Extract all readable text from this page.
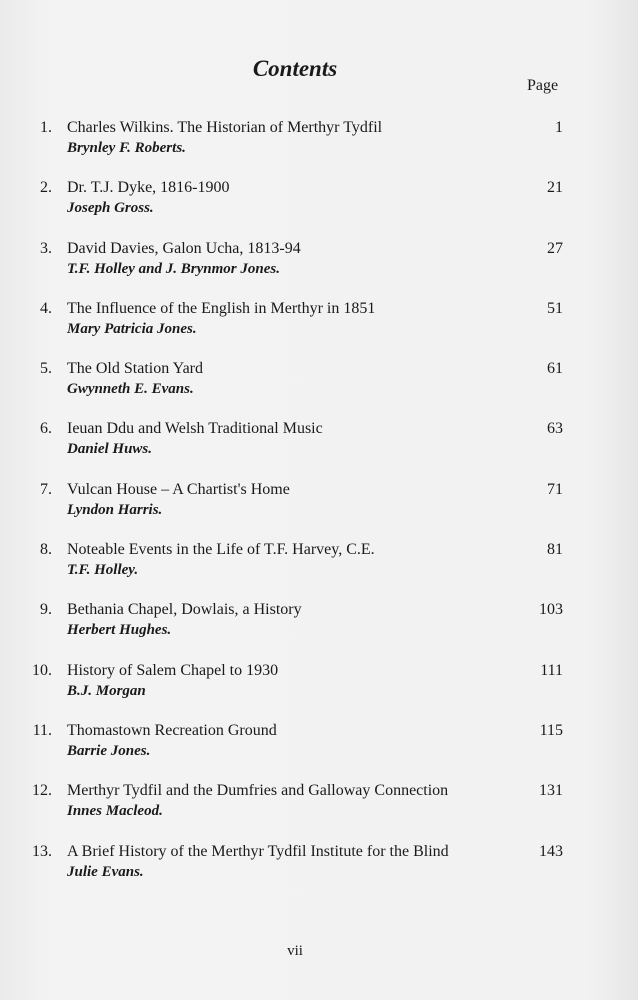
Contents
Page
1. Charles Wilkins. The Historian of Merthyr Tydfil
Brynley F. Roberts.
1
2. Dr. T.J. Dyke, 1816-1900
Joseph Gross.
21
3. David Davies, Galon Ucha, 1813-94
T.F. Holley and J. Brynmor Jones.
27
4. The Influence of the English in Merthyr in 1851
Mary Patricia Jones.
51
5. The Old Station Yard
Gwynneth E. Evans.
61
6. Ieuan Ddu and Welsh Traditional Music
Daniel Huws.
63
7. Vulcan House – A Chartist's Home
Lyndon Harris.
71
8. Noteable Events in the Life of T.F. Harvey, C.E.
T.F. Holley.
81
9. Bethania Chapel, Dowlais, a History
Herbert Hughes.
103
10. History of Salem Chapel to 1930
B.J. Morgan
111
11. Thomastown Recreation Ground
Barrie Jones.
115
12. Merthyr Tydfil and the Dumfries and Galloway Connection
Innes Macleod.
131
13. A Brief History of the Merthyr Tydfil Institute for the Blind
Julie Evans.
143
vii
